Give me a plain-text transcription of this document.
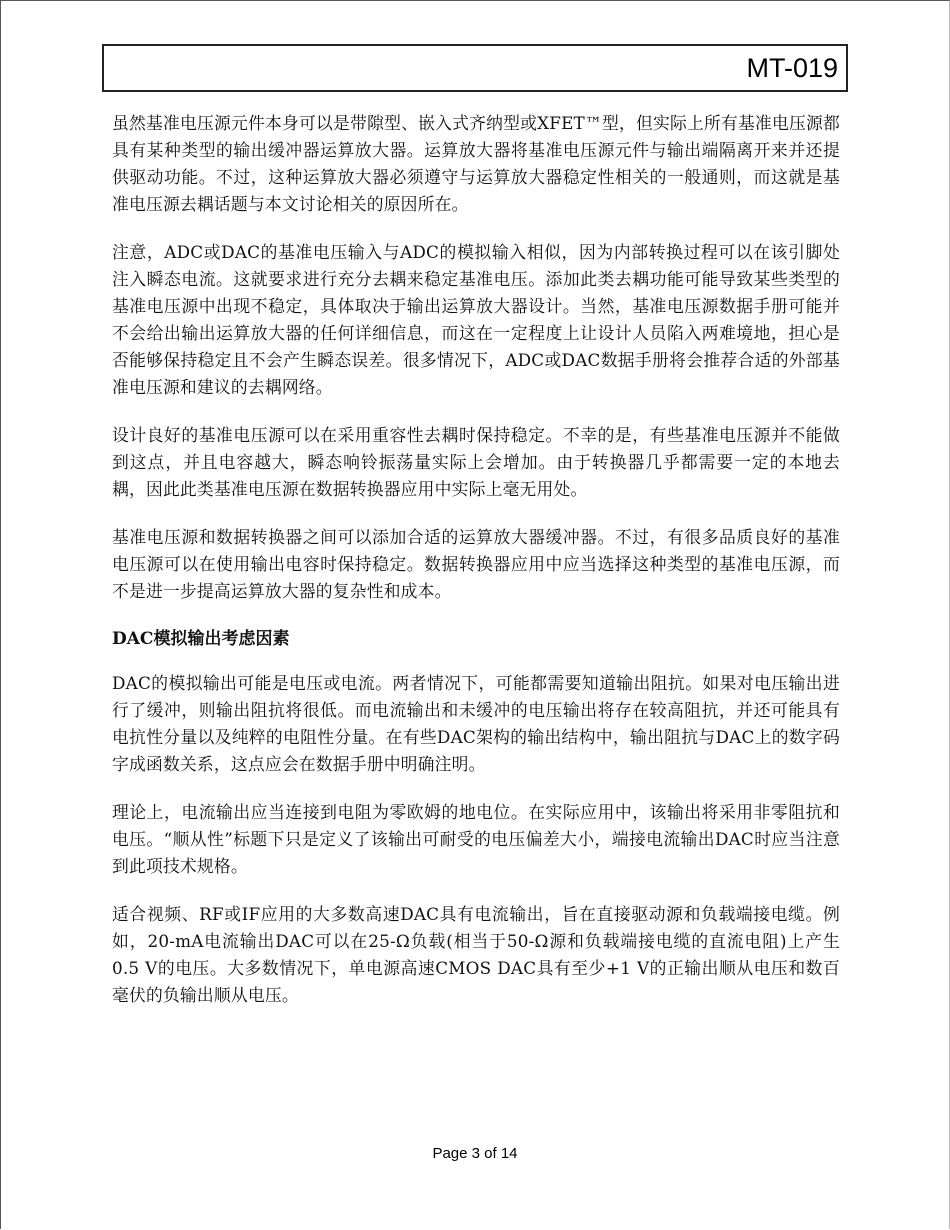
MT-019

虽然基准电压源元件本身可以是带隙型、嵌入式齐纳型或XFET™型，但实际上所有基准电压源都具有某种类型的输出缓冲器运算放大器。运算放大器将基准电压源元件与输出端隔离开来并还提供驱动功能。不过，这种运算放大器必须遵守与运算放大器稳定性相关的一般通则，而这就是基准电压源去耦话题与本文讨论相关的原因所在。

注意，ADC或DAC的基准电压输入与ADC的模拟输入相似，因为内部转换过程可以在该引脚处注入瞬态电流。这就要求进行充分去耦来稳定基准电压。添加此类去耦功能可能导致某些类型的基准电压源中出现不稳定，具体取决于输出运算放大器设计。当然，基准电压源数据手册可能并不会给出输出运算放大器的任何详细信息，而这在一定程度上让设计人员陷入两难境地，担心是否能够保持稳定且不会产生瞬态误差。很多情况下，ADC或DAC数据手册将会推荐合适的外部基准电压源和建议的去耦网络。

设计良好的基准电压源可以在采用重容性去耦时保持稳定。不幸的是，有些基准电压源并不能做到这点，并且电容越大，瞬态响铃振荡量实际上会增加。由于转换器几乎都需要一定的本地去耦，因此此类基准电压源在数据转换器应用中实际上毫无用处。

基准电压源和数据转换器之间可以添加合适的运算放大器缓冲器。不过，有很多品质良好的基准电压源可以在使用输出电容时保持稳定。数据转换器应用中应当选择这种类型的基准电压源，而不是进一步提高运算放大器的复杂性和成本。

DAC模拟输出考虑因素

DAC的模拟输出可能是电压或电流。两者情况下，可能都需要知道输出阻抗。如果对电压输出进行了缓冲，则输出阻抗将很低。而电流输出和未缓冲的电压输出将存在较高阻抗，并还可能具有电抗性分量以及纯粹的电阻性分量。在有些DAC架构的输出结构中，输出阻抗与DAC上的数字码字成函数关系，这点应会在数据手册中明确注明。

理论上，电流输出应当连接到电阻为零欧姆的地电位。在实际应用中，该输出将采用非零阻抗和电压。“顺从性”标题下只是定义了该输出可耐受的电压偏差大小，端接电流输出DAC时应当注意到此项技术规格。

适合视频、RF或IF应用的大多数高速DAC具有电流输出，旨在直接驱动源和负载端接电缆。例如，20-mA电流输出DAC可以在25-Ω负载(相当于50-Ω源和负载端接电缆的直流电阻)上产生0.5 V的电压。大多数情况下，单电源高速CMOS DAC具有至少+1 V的正输出顺从电压和数百毫伏的负输出顺从电压。

Page 3 of 14
